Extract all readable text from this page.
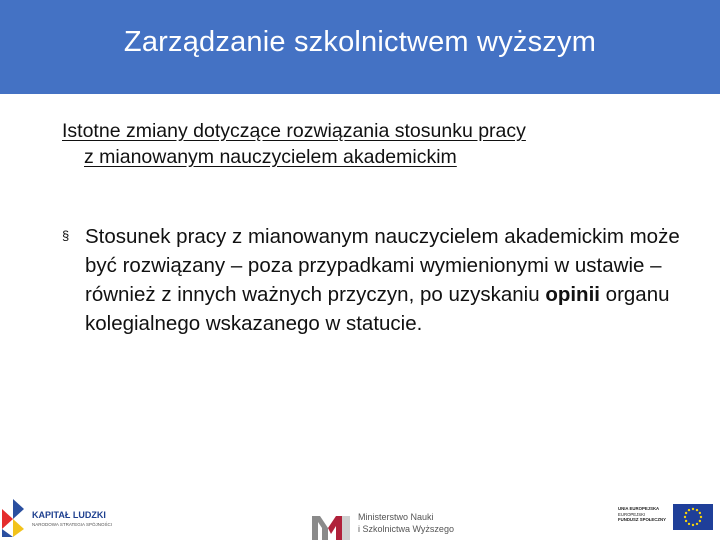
Zarządzanie szkolnictwem wyższym
Istotne zmiany dotyczące rozwiązania stosunku pracy
z mianowanym nauczycielem akademickim
§ Stosunek pracy z mianowanym nauczycielem akademickim może być rozwiązany – poza przypadkami wymienionymi w ustawie – również z innych ważnych przyczyn, po uzyskaniu opinii organu kolegialnego wskazanego w statucie.
KAPITAŁ LUDZKI
NARODOWA STRATEGIA SPÓJNOŚCI
Ministerstwo Nauki
i Szkolnictwa Wyższego
UNIA EUROPEJSKA
EUROPEJSKI
FUNDUSZ SPOŁECZNY
